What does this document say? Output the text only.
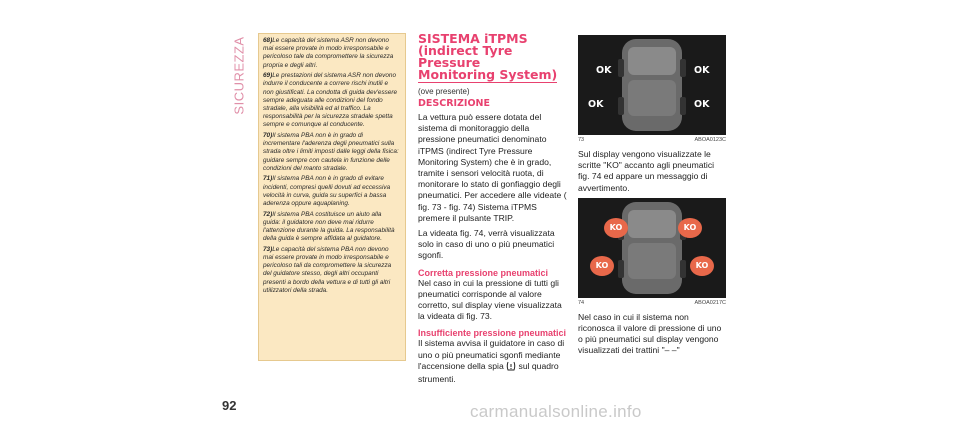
SICUREZZA	68)Le capacità del sistema ASR non devono mai essere provate in modo irresponsabile e pericoloso tale da compromettere la sicurezza propria e degli altri.

69)Le prestazioni del sistema ASR non devono indurre il conducente a correre rischi inutili e non giustificati. La condotta di guida dev'essere sempre adeguata alle condizioni del fondo stradale, alla visibilità ed al traffico. La responsabilità per la sicurezza stradale spetta sempre e comunque al conducente.

70)Il sistema PBA non è in grado di incrementare l'aderenza degli pneumatici sulla strada oltre i limiti imposti dalle leggi della fisica: guidare sempre con cautela in funzione delle condizioni del manto stradale.

71)Il sistema PBA non è in grado di evitare incidenti, compresi quelli dovuti ad eccessiva velocità in curva, guida su superfici a bassa aderenza oppure aquaplaning.

72)Il sistema PBA costituisce un aiuto alla guida: il guidatore non deve mai ridurre l'attenzione durante la guida. La responsabilità della guida è sempre affidata al guidatore.

73)Le capacità del sistema PBA non devono mai essere provate in modo irresponsabile e pericoloso tali da compromettere la sicurezza del guidatore stesso, degli altri occupanti presenti a bordo della vettura e di tutti gli altri utilizzatori della strada.

SISTEMA iTPMS
(indirect Tyre
Pressure
Monitoring System)

(ove presente)

DESCRIZIONE

La vettura può essere dotata del sistema di monitoraggio della pressione pneumatici denominato iTPMS (indirect Tyre Pressure Monitoring System) che è in grado, tramite i sensori velocità ruota, di monitorare lo stato di gonfiaggio degli pneumatici. Per accedere alle videate ( fig. 73 - fig. 74) Sistema iTPMS premere il pulsante TRIP.

La videata fig. 74, verrà visualizzata solo in caso di uno o più pneumatici sgonfi.

Corretta pressione pneumatici

Nel caso in cui la pressione di tutti gli pneumatici corrisponde al valore corretto, sul display viene visualizzata la videata di fig. 73.

Insufficiente pressione pneumatici

Il sistema avvisa il guidatore in caso di uno o più pneumatici sgonfi mediante l'accensione della spia sul quadro strumenti.

OK	OK
OK	OK
73	ABOA0123C

Sul display vengono visualizzate le scritte "KO" accanto agli pneumatici fig. 74 ed appare un messaggio di avvertimento.

KO	KO
KO	KO
74	ABOA0217C

Nel caso in cui il sistema non riconosca il valore di pressione di uno o più pneumatici sul display vengono visualizzati dei trattini "– –"

92	carmanualsonline.info
